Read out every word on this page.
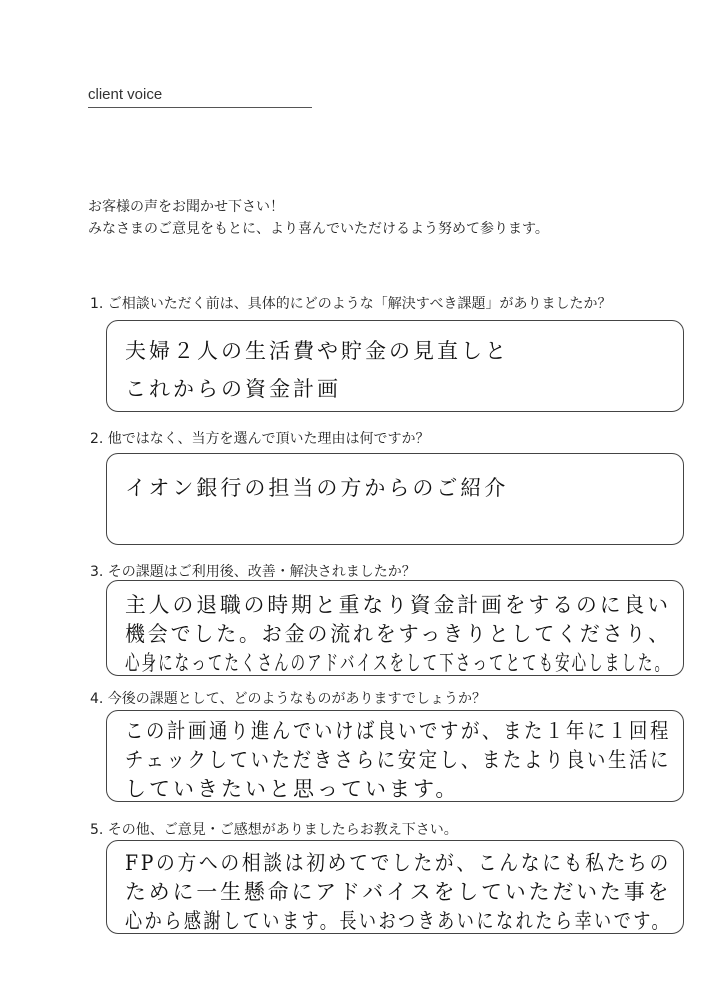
client voice
お客様の声をお聞かせ下さい！
みなさまのご意見をもとに、より喜んでいただけるよう努めて参ります。
1. ご相談いただく前は、具体的にどのような「解決すべき課題」がありましたか？
夫婦２人の生活費や貯金の見直しと
これからの資金計画
2. 他ではなく、当方を選んで頂いた理由は何ですか？
イオン銀行の担当の方からのご紹介
3. その課題はご利用後、改善・解決されましたか？
主人の退職の時期と重なり資金計画をするのに良い
機会でした。お金の流れをすっきりとしてくださり、
心身になってたくさんのアドバイスをして下さってとても安心しました。
4. 今後の課題として、どのようなものがありますでしょうか？
この計画通り進んでいけば良いですが、また１年に１回程
チェックしていただきさらに安定し、またより良い生活に
していきたいと思っています。
5. その他、ご意見・ご感想がありましたらお教え下さい。
FPの方への相談は初めてでしたが、こんなにも私たちの
ために一生懸命にアドバイスをしていただいた事を
心から感謝しています。長いおつきあいになれたら幸いです。
